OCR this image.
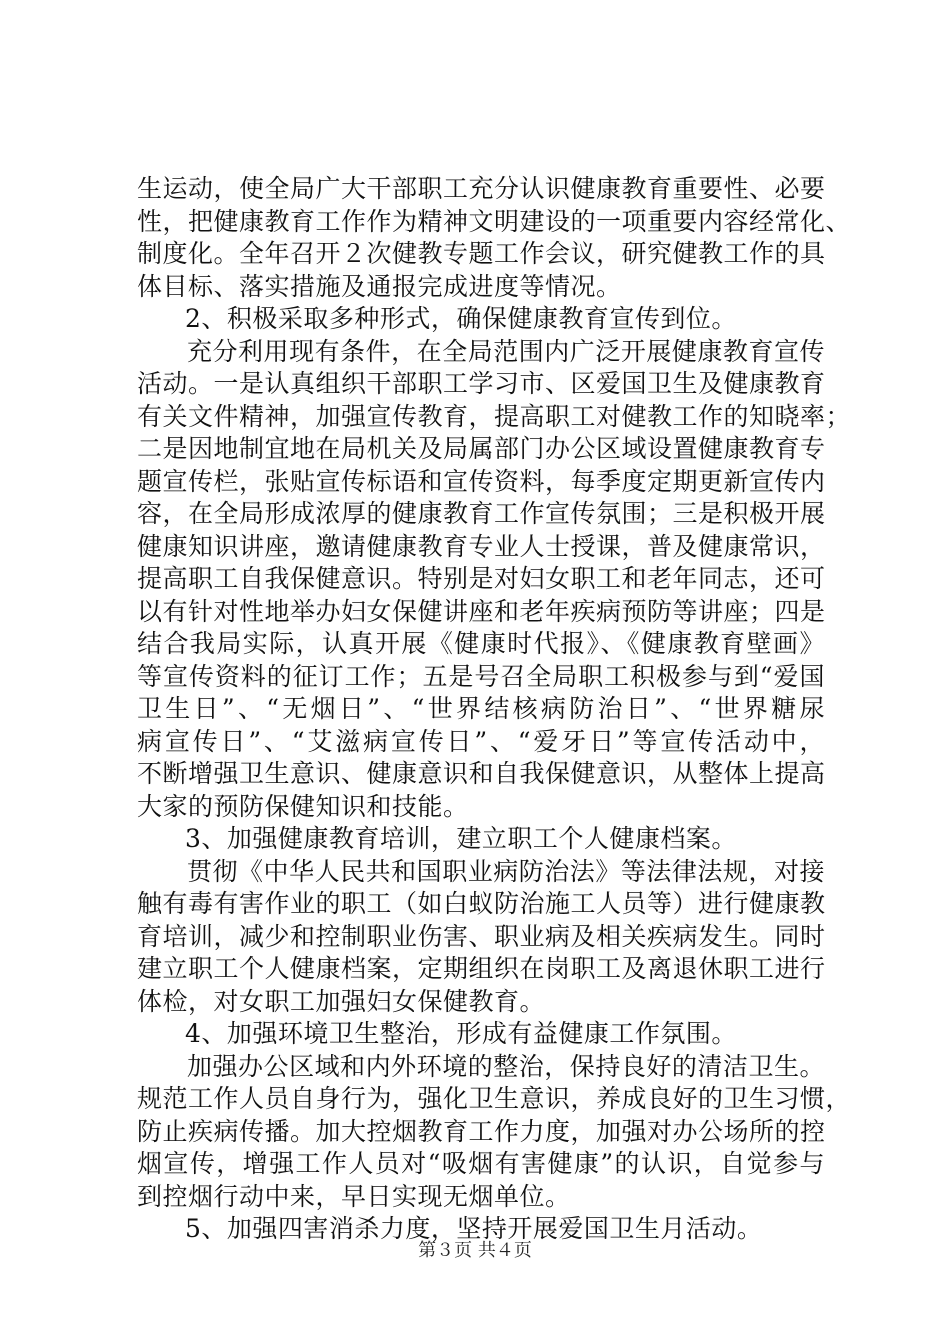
生运动，使全局广大干部职工充分认识健康教育重要性、必要
性，把健康教育工作作为精神文明建设的一项重要内容经常化、
制度化。全年召开２次健教专题工作会议，研究健教工作的具
体目标、落实措施及通报完成进度等情况。
2、积极采取多种形式，确保健康教育宣传到位。
充分利用现有条件，在全局范围内广泛开展健康教育宣传
活动。一是认真组织干部职工学习市、区爱国卫生及健康教育
有关文件精神，加强宣传教育，提高职工对健教工作的知晓率；
二是因地制宜地在局机关及局属部门办公区域设置健康教育专
题宣传栏，张贴宣传标语和宣传资料，每季度定期更新宣传内
容，在全局形成浓厚的健康教育工作宣传氛围；三是积极开展
健康知识讲座，邀请健康教育专业人士授课，普及健康常识，
提高职工自我保健意识。特别是对妇女职工和老年同志，还可
以有针对性地举办妇女保健讲座和老年疾病预防等讲座；四是
结合我局实际，认真开展《健康时代报》、《健康教育壁画》
等宣传资料的征订工作；五是号召全局职工积极参与到“爱国
卫生日”、“无烟日”、“世界结核病防治日”、“世界糖尿
病宣传日”、“艾滋病宣传日”、“爱牙日”等宣传活动中，
不断增强卫生意识、健康意识和自我保健意识，从整体上提高
大家的预防保健知识和技能。
3、加强健康教育培训，建立职工个人健康档案。
贯彻《中华人民共和国职业病防治法》等法律法规，对接
触有毒有害作业的职工（如白蚁防治施工人员等）进行健康教
育培训，减少和控制职业伤害、职业病及相关疾病发生。同时
建立职工个人健康档案，定期组织在岗职工及离退休职工进行
体检，对女职工加强妇女保健教育。
4、加强环境卫生整治，形成有益健康工作氛围。
加强办公区域和内外环境的整治，保持良好的清洁卫生。
规范工作人员自身行为，强化卫生意识，养成良好的卫生习惯，
防止疾病传播。加大控烟教育工作力度，加强对办公场所的控
烟宣传，增强工作人员对“吸烟有害健康”的认识，自觉参与
到控烟行动中来，早日实现无烟单位。
5、加强四害消杀力度，坚持开展爱国卫生月活动。
第３页 共４页
